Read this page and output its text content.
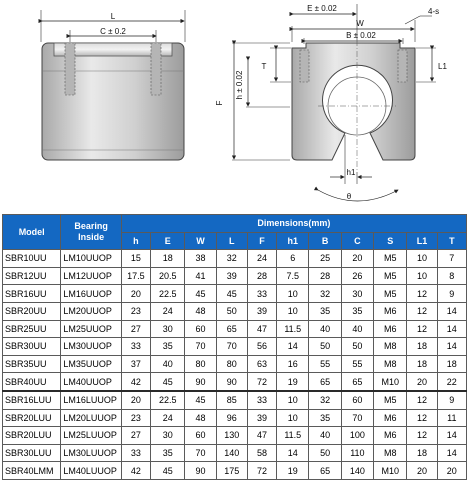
L
C ± 0.2
F
h ± 0.02
W
B ± 0.02
E ± 0.02	4-s
T	L1
h1
θ
Model	Bearing Inside	Dimensions(mm)										
		h	E	W	L	F	h1	B	C	S	L1	T
SBR10UU	LM10UUOP	15	18	38	32	24	6	25	20	M5	10	7
SBR12UU	LM12UUOP	17.5	20.5	41	39	28	7.5	28	26	M5	10	8
SBR16UU	LM16UUOP	20	22.5	45	45	33	10	32	30	M5	12	9
SBR20UU	LM20UUOP	23	24	48	50	39	10	35	35	M6	12	14
SBR25UU	LM25UUOP	27	30	60	65	47	11.5	40	40	M6	12	14
SBR30UU	LM30UUOP	33	35	70	70	56	14	50	50	M8	18	14
SBR35UU	LM35UUOP	37	40	80	80	63	16	55	55	M8	18	18
SBR40UU	LM40UUOP	42	45	90	90	72	19	65	65	M10	20	22
SBR16LUU	LM16LUUOP	20	22.5	45	85	33	10	32	60	M5	12	9
SBR20LUU	LM20LUUOP	23	24	48	96	39	10	35	70	M6	12	11
SBR20LUU	LM25LUUOP	27	30	60	130	47	11.5	40	100	M6	12	14
SBR30LUU	LM30LUUOP	33	35	70	140	58	14	50	110	M8	18	14
SBR40LMM	LM40LUUOP	42	45	90	175	72	19	65	140	M10	20	20
